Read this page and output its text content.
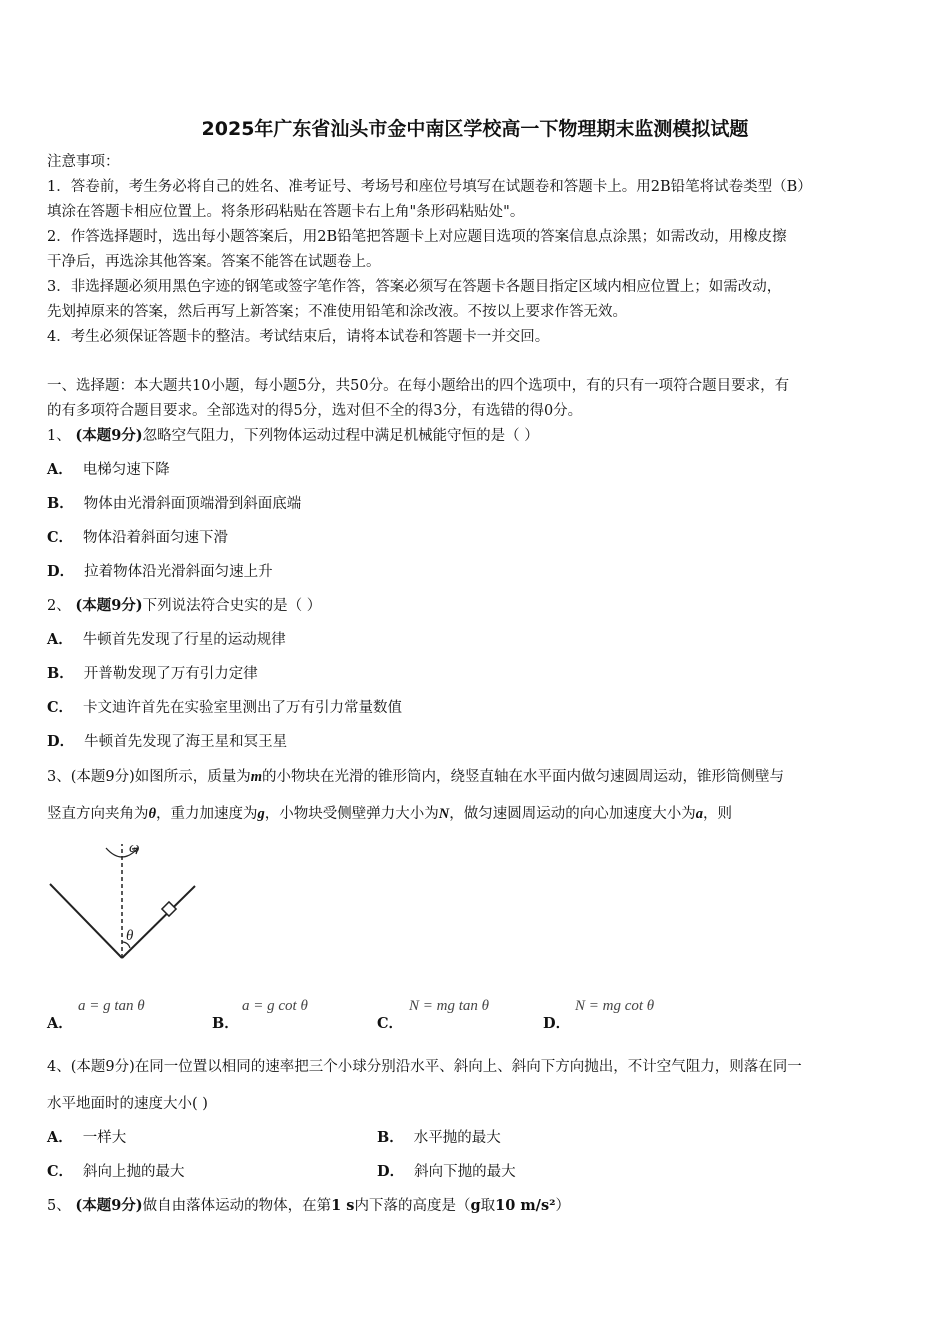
2025年广东省汕头市金中南区学校高一下物理期末监测模拟试题
注意事项：
1．答卷前，考生务必将自己的姓名、准考证号、考场号和座位号填写在试题卷和答题卡上。用2B铅笔将试卷类型（B）
填涂在答题卡相应位置上。将条形码粘贴在答题卡右上角"条形码粘贴处"。
2．作答选择题时，选出每小题答案后，用2B铅笔把答题卡上对应题目选项的答案信息点涂黑；如需改动，用橡皮擦
干净后，再选涂其他答案。答案不能答在试题卷上。
3．非选择题必须用黑色字迹的钢笔或签字笔作答，答案必须写在答题卡各题目指定区域内相应位置上；如需改动，
先划掉原来的答案，然后再写上新答案；不准使用铅笔和涂改液。不按以上要求作答无效。
4．考生必须保证答题卡的整洁。考试结束后，请将本试卷和答题卡一并交回。
一、选择题：本大题共10小题，每小题5分，共50分。在每小题给出的四个选项中，有的只有一项符合题目要求，有
的有多项符合题目要求。全部选对的得5分，选对但不全的得3分，有选错的得0分。
1、 (本题9分)忽略空气阻力，下列物体运动过程中满足机械能守恒的是（ ）
A． 电梯匀速下降
B． 物体由光滑斜面顶端滑到斜面底端
C． 物体沿着斜面匀速下滑
D． 拉着物体沿光滑斜面匀速上升
2、 (本题9分)下列说法符合史实的是（ ）
A． 牛顿首先发现了行星的运动规律
B． 开普勒发现了万有引力定律
C． 卡文迪许首先在实验室里测出了万有引力常量数值
D． 牛顿首先发现了海王星和冥王星
3、(本题9分)如图所示，质量为m的小物块在光滑的锥形筒内，绕竖直轴在水平面内做匀速圆周运动，锥形筒侧壁与
竖直方向夹角为θ，重力加速度为g，小物块受侧壁弹力大小为N，做匀速圆周运动的向心加速度大小为a，则
ω
θ
A．
a = g tan θ
B．
a = g cot θ
C．
N = mg tan θ
D．
N = mg cot θ
4、(本题9分)在同一位置以相同的速率把三个小球分别沿水平、斜向上、斜向下方向抛出，不计空气阻力，则落在同一
水平地面时的速度大小( )
A． 一样大	B． 水平抛的最大
C． 斜向上抛的最大	D． 斜向下抛的最大
5、 (本题9分)做自由落体运动的物体，在第1 s内下落的高度是（g取10 m/s²）
